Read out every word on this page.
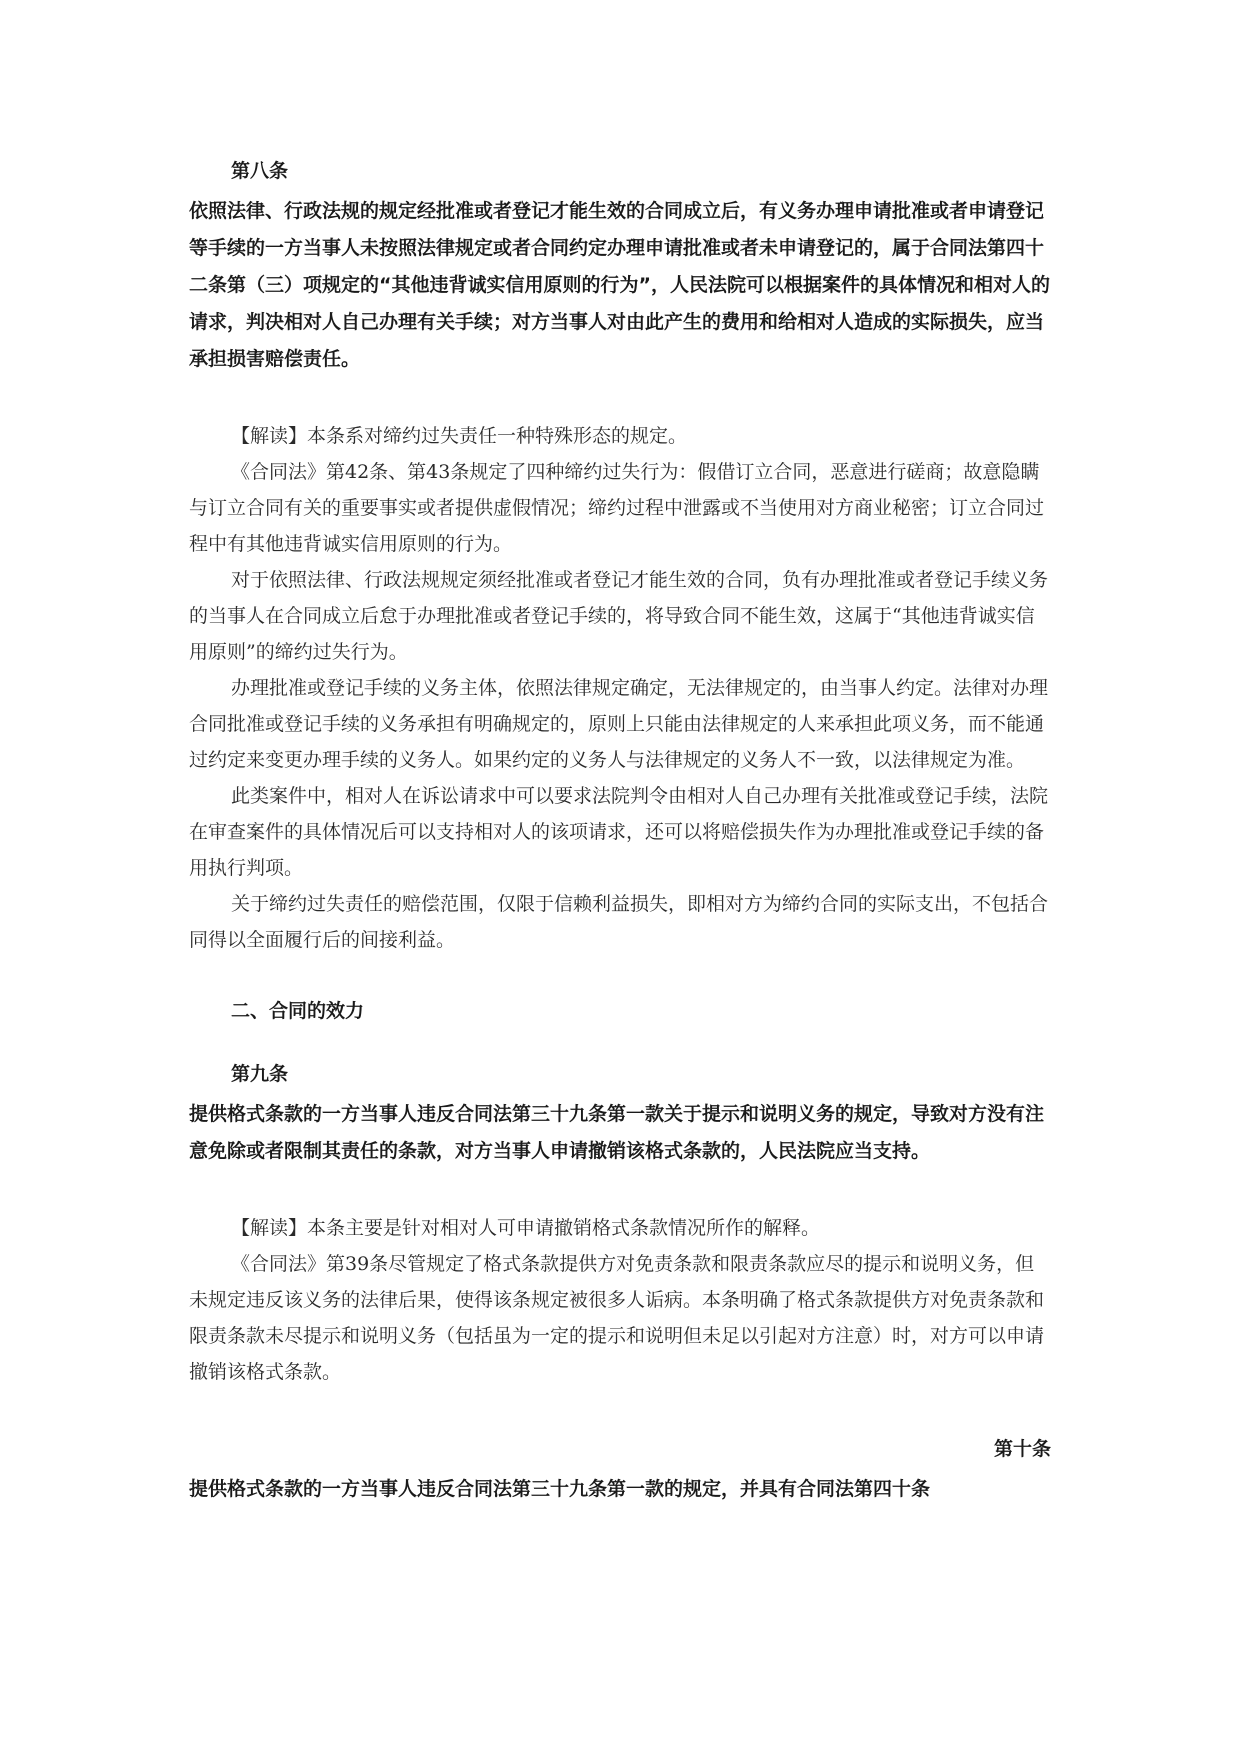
第八条

依照法律、行政法规的规定经批准或者登记才能生效的合同成立后，有义务办理申请批准或者申请登记等手续的一方当事人未按照法律规定或者合同约定办理申请批准或者未申请登记的，属于合同法第四十二条第（三）项规定的“其他违背诚实信用原则的行为”，人民法院可以根据案件的具体情况和相对人的请求，判决相对人自己办理有关手续；对方当事人对由此产生的费用和给相对人造成的实际损失，应当承担损害赔偿责任。

【解读】本条系对缔约过失责任一种特殊形态的规定。

《合同法》第42条、第43条规定了四种缔约过失行为：假借订立合同，恶意进行磋商；故意隐瞒与订立合同有关的重要事实或者提供虚假情况；缔约过程中泄露或不当使用对方商业秘密；订立合同过程中有其他违背诚实信用原则的行为。

对于依照法律、行政法规规定须经批准或者登记才能生效的合同，负有办理批准或者登记手续义务的当事人在合同成立后怠于办理批准或者登记手续的，将导致合同不能生效，这属于“其他违背诚实信用原则”的缔约过失行为。

办理批准或登记手续的义务主体，依照法律规定确定，无法律规定的，由当事人约定。法律对办理合同批准或登记手续的义务承担有明确规定的，原则上只能由法律规定的人来承担此项义务，而不能通过约定来变更办理手续的义务人。如果约定的义务人与法律规定的义务人不一致，以法律规定为准。

此类案件中，相对人在诉讼请求中可以要求法院判令由相对人自己办理有关批准或登记手续，法院在审查案件的具体情况后可以支持相对人的该项请求，还可以将赔偿损失作为办理批准或登记手续的备用执行判项。

关于缔约过失责任的赔偿范围，仅限于信赖利益损失，即相对方为缔约合同的实际支出，不包括合同得以全面履行后的间接利益。

二、合同的效力

第九条

提供格式条款的一方当事人违反合同法第三十九条第一款关于提示和说明义务的规定，导致对方没有注意免除或者限制其责任的条款，对方当事人申请撤销该格式条款的，人民法院应当支持。

【解读】本条主要是针对相对人可申请撤销格式条款情况所作的解释。

《合同法》第39条尽管规定了格式条款提供方对免责条款和限责条款应尽的提示和说明义务，但未规定违反该义务的法律后果，使得该条规定被很多人诟病。本条明确了格式条款提供方对免责条款和限责条款未尽提示和说明义务（包括虽为一定的提示和说明但未足以引起对方注意）时，对方可以申请撤销该格式条款。

第十条

提供格式条款的一方当事人违反合同法第三十九条第一款的规定，并具有合同法第四十条
